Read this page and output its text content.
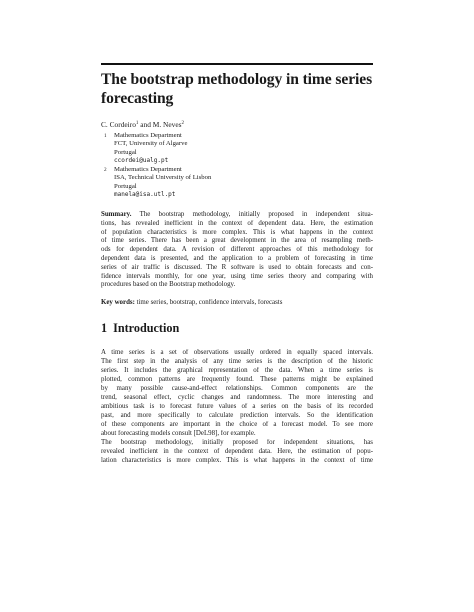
The bootstrap methodology in time series
forecasting
C. Cordeiro$^1$ and M. Neves$^2$
1 Mathematics Department
FCT, University of Algarve
Portugal
ccordei@ualg.pt
2 Mathematics Department
ISA, Technical University of Lisbon
Portugal
manela@isa.utl.pt
Summary. The bootstrap methodology, initially proposed in independent situa-
tions, has revealed inefficient in the context of dependent data. Here, the estimation
of population characteristics is more complex. This is what happens in the context
of time series. There has been a great development in the area of resampling meth-
ods for dependent data. A revision of different approaches of this methodology for
dependent data is presented, and the application to a problem of forecasting in time
series of air traffic is discussed. The R software is used to obtain forecasts and con-
fidence intervals monthly, for one year, using time series theory and comparing with
procedures based on the Bootstrap methodology.
Key words: time series, bootstrap, confidence intervals, forecasts
1 Introduction
A time series is a set of observations usually ordered in equally spaced intervals.
The first step in the analysis of any time series is the description of the historic
series. It includes the graphical representation of the data. When a time series is
plotted, common patterns are frequently found. These patterns might be explained
by many possible cause-and-effect relationships. Common components are the
trend, seasonal effect, cyclic changes and randomness. The more interesting and
ambitious task is to forecast future values of a series on the basis of its recorded
past, and more specifically to calculate prediction intervals. So the identification
of these components are important in the choice of a forecast model. To see more
about forecasting models consult [DeL98], for example.
The bootstrap methodology, initially proposed for independent situations, has
revealed inefficient in the context of dependent data. Here, the estimation of popu-
lation characteristics is more complex. This is what happens in the context of time
